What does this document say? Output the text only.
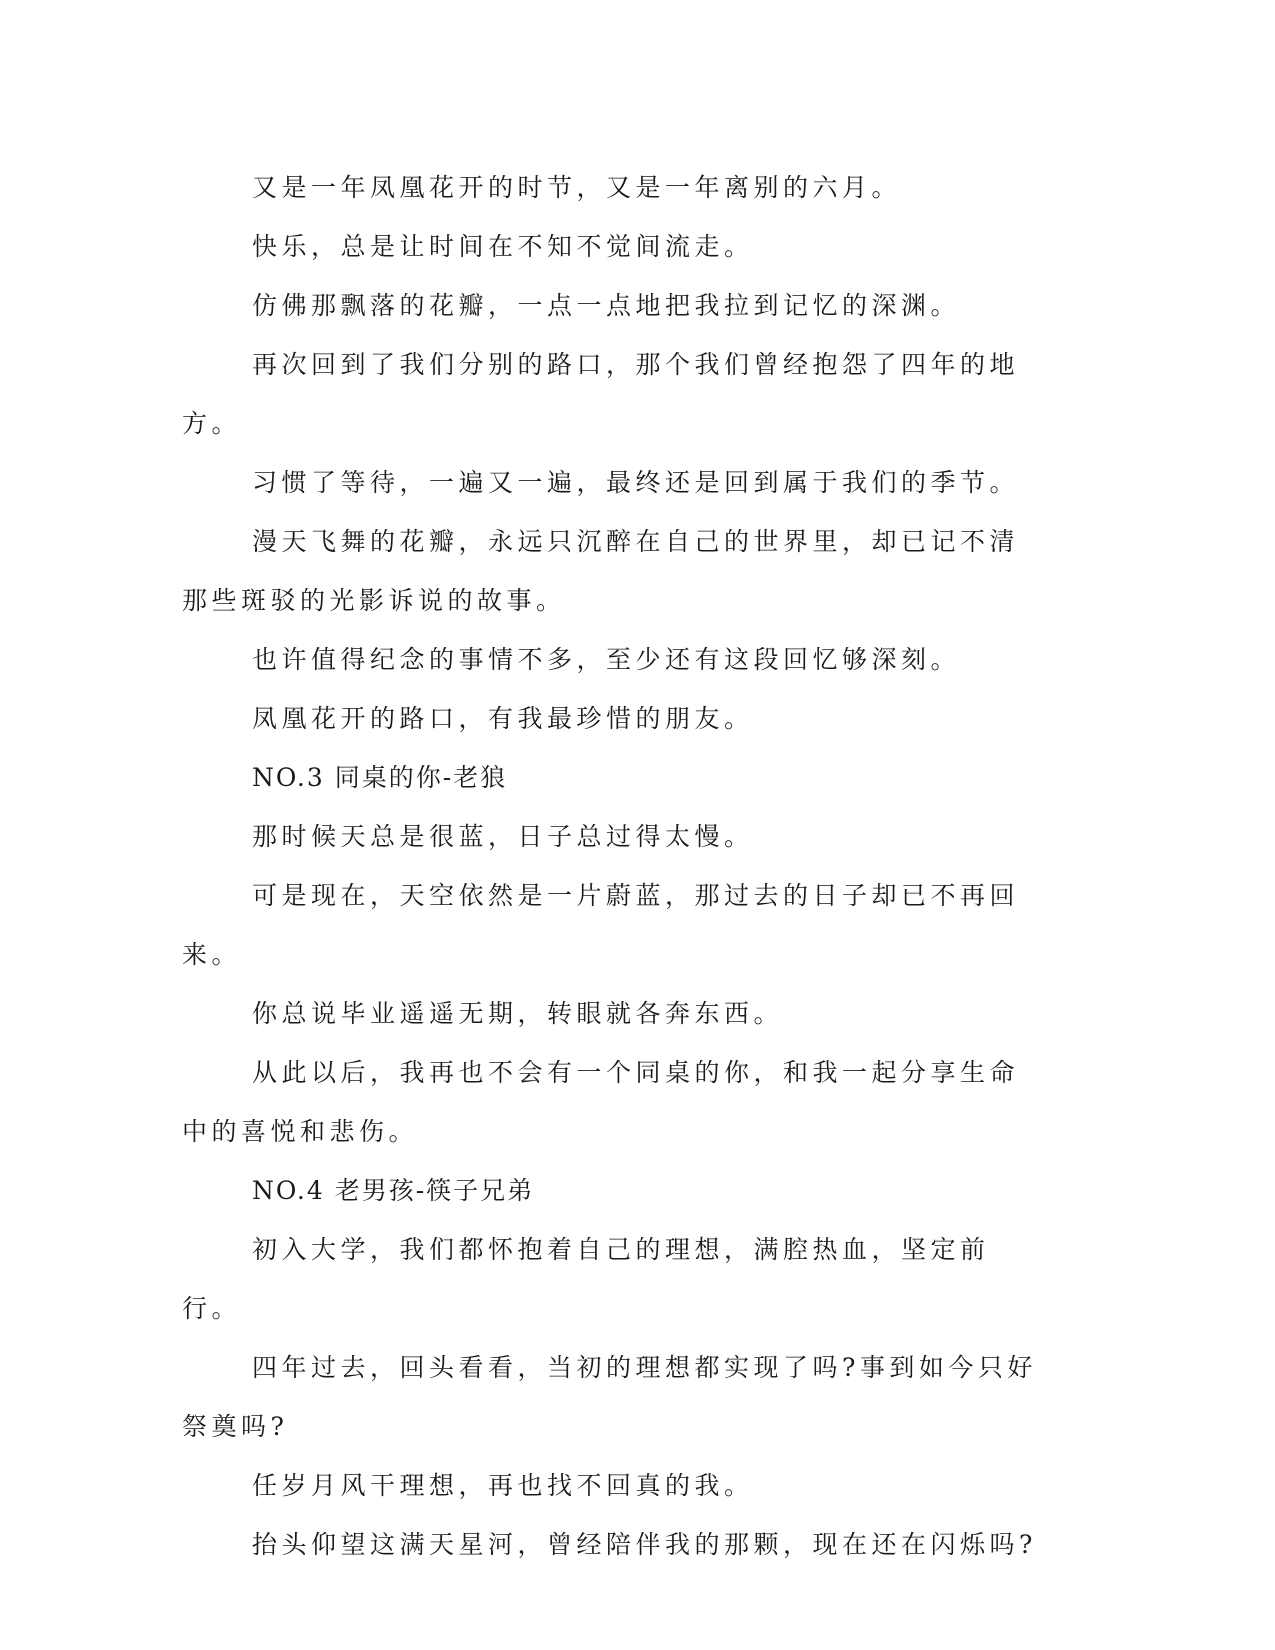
又是一年凤凰花开的时节，又是一年离别的六月。

快乐，总是让时间在不知不觉间流走。

仿佛那飘落的花瓣，一点一点地把我拉到记忆的深渊。

再次回到了我们分别的路口，那个我们曾经抱怨了四年的地方。

习惯了等待，一遍又一遍，最终还是回到属于我们的季节。

漫天飞舞的花瓣，永远只沉醉在自己的世界里，却已记不清那些斑驳的光影诉说的故事。

也许值得纪念的事情不多，至少还有这段回忆够深刻。

凤凰花开的路口，有我最珍惜的朋友。

NO.3 同桌的你-老狼

那时候天总是很蓝，日子总过得太慢。

可是现在，天空依然是一片蔚蓝，那过去的日子却已不再回来。

你总说毕业遥遥无期，转眼就各奔东西。

从此以后，我再也不会有一个同桌的你，和我一起分享生命中的喜悦和悲伤。

NO.4 老男孩-筷子兄弟

初入大学，我们都怀抱着自己的理想，满腔热血，坚定前行。

四年过去，回头看看，当初的理想都实现了吗?事到如今只好祭奠吗?

任岁月风干理想，再也找不回真的我。

抬头仰望这满天星河，曾经陪伴我的那颗，现在还在闪烁吗?
